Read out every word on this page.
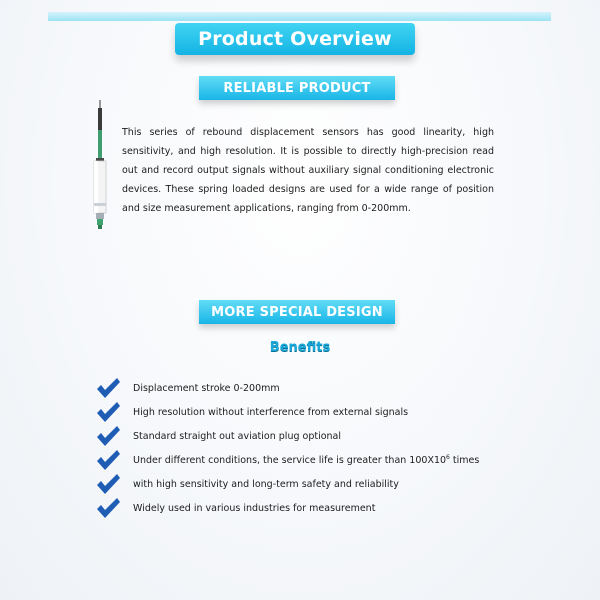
Product Overview
RELIABLE PRODUCT
This series of rebound displacement sensors has good linearity, high sensitivity, and high resolution. It is possible to directly high-precision read out and record output signals without auxiliary signal conditioning electronic devices. These spring loaded designs are used for a wide range of position and size measurement applications, ranging from 0-200mm.
MORE SPECIAL DESIGN
Benefits
Displacement stroke 0-200mm
High resolution without interference from external signals
Standard straight out aviation plug optional
Under different conditions, the service life is greater than $100X10^6$ times
with high sensitivity and long-term safety and reliability
Widely used in various industries for measurement
